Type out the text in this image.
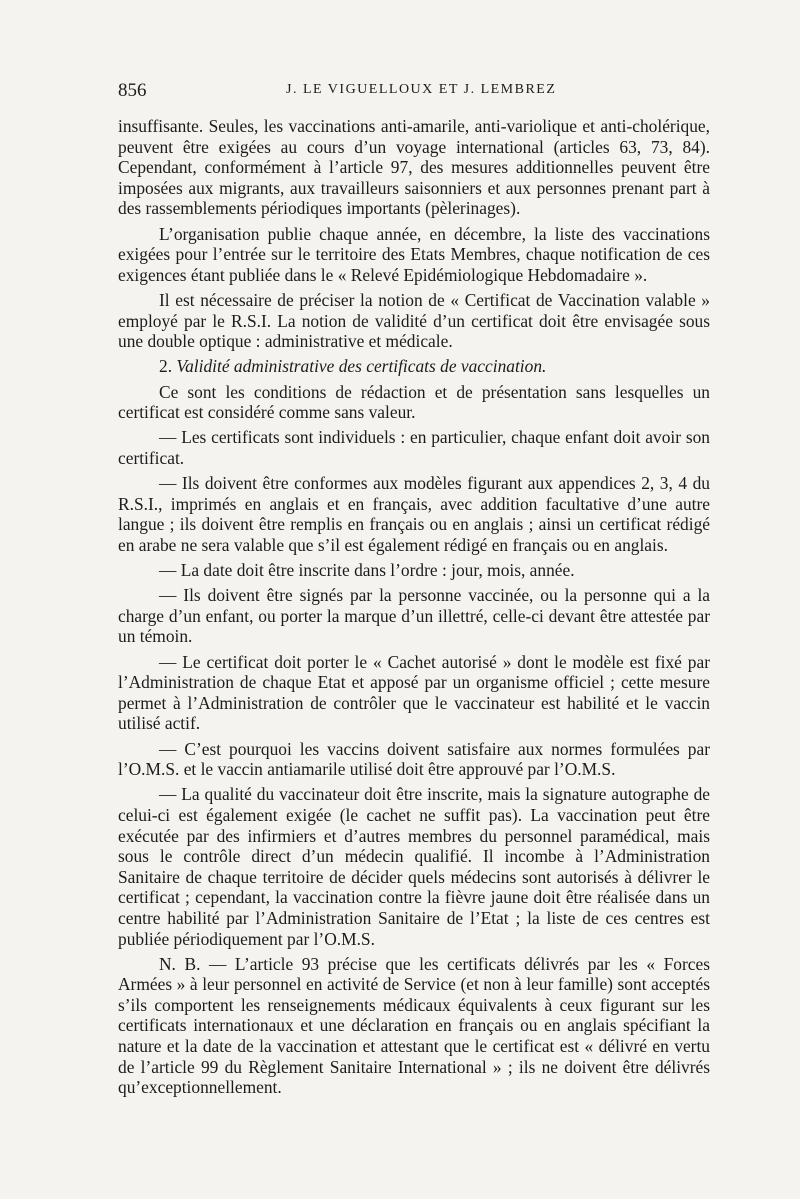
856	J. LE VIGUELLOUX ET J. LEMBREZ

insuffisante. Seules, les vaccinations anti-amarile, anti-variolique et anti-cholérique, peuvent être exigées au cours d’un voyage international (articles 63, 73, 84). Cependant, conformément à l’article 97, des mesures additionnelles peuvent être imposées aux migrants, aux travailleurs saisonniers et aux personnes prenant part à des rassemblements périodiques importants (pèlerinages).

L’organisation publie chaque année, en décembre, la liste des vaccinations exigées pour l’entrée sur le territoire des Etats Membres, chaque notification de ces exigences étant publiée dans le « Relevé Epidémiologique Hebdomadaire ».

Il est nécessaire de préciser la notion de « Certificat de Vaccination valable » employé par le R.S.I. La notion de validité d’un certificat doit être envisagée sous une double optique : administrative et médicale.

2. Validité administrative des certificats de vaccination.

Ce sont les conditions de rédaction et de présentation sans lesquelles un certificat est considéré comme sans valeur.

— Les certificats sont individuels : en particulier, chaque enfant doit avoir son certificat.

— Ils doivent être conformes aux modèles figurant aux appendices 2, 3, 4 du R.S.I., imprimés en anglais et en français, avec addition facultative d’une autre langue ; ils doivent être remplis en français ou en anglais ; ainsi un certificat rédigé en arabe ne sera valable que s’il est également rédigé en français ou en anglais.

— La date doit être inscrite dans l’ordre : jour, mois, année.

— Ils doivent être signés par la personne vaccinée, ou la personne qui a la charge d’un enfant, ou porter la marque d’un illettré, celle-ci devant être attestée par un témoin.

— Le certificat doit porter le « Cachet autorisé » dont le modèle est fixé par l’Administration de chaque Etat et apposé par un organisme officiel ; cette mesure permet à l’Administration de contrôler que le vaccinateur est habilité et le vaccin utilisé actif.

— C’est pourquoi les vaccins doivent satisfaire aux normes formulées par l’O.M.S. et le vaccin antiamarile utilisé doit être approuvé par l’O.M.S.

— La qualité du vaccinateur doit être inscrite, mais la signature autographe de celui-ci est également exigée (le cachet ne suffit pas). La vaccination peut être exécutée par des infirmiers et d’autres membres du personnel paramédical, mais sous le contrôle direct d’un médecin qualifié. Il incombe à l’Administration Sanitaire de chaque territoire de décider quels médecins sont autorisés à délivrer le certificat ; cependant, la vaccination contre la fièvre jaune doit être réalisée dans un centre habilité par l’Administration Sanitaire de l’Etat ; la liste de ces centres est publiée périodiquement par l’O.M.S.

N. B. — L’article 93 précise que les certificats délivrés par les « Forces Armées » à leur personnel en activité de Service (et non à leur famille) sont acceptés s’ils comportent les renseignements médicaux équivalents à ceux figurant sur les certificats internationaux et une déclaration en français ou en anglais spécifiant la nature et la date de la vaccination et attestant que le certificat est « délivré en vertu de l’article 99 du Règlement Sanitaire International » ; ils ne doivent être délivrés qu’exceptionnellement.
